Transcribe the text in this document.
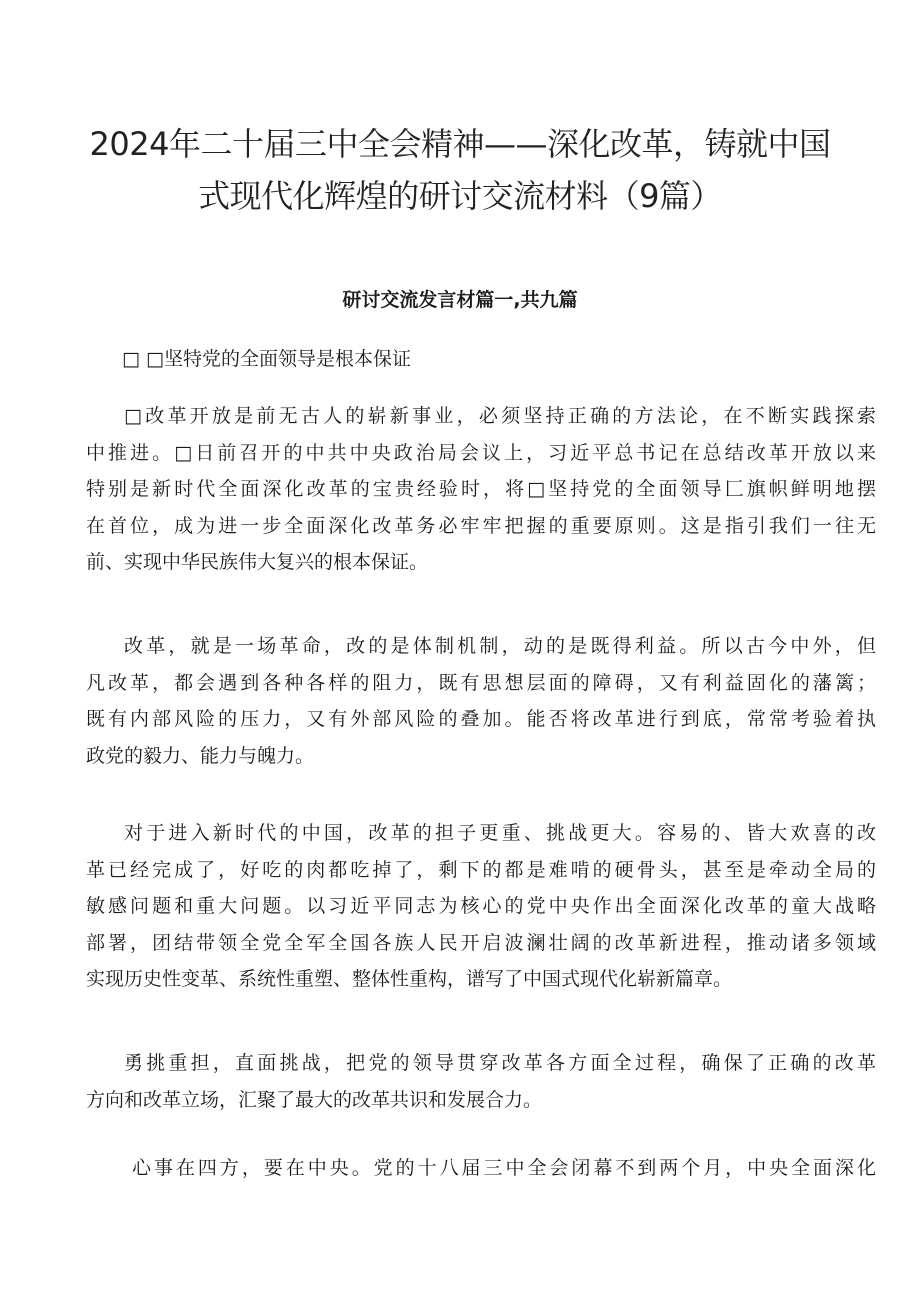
2024年二十届三中全会精神——深化改革，铸就中国
式现代化辉煌的研讨交流材料（9篇）
研讨交流发言材篇一,共九篇

□ □坚特党的全面领导是根本保证

□改革开放是前无古人的崭新事业，必须坚持正确的方法论，在不断实践探索
中推进。□日前召开的中共中央政治局会议上，习近平总书记在总结改革开放以来
特别是新时代全面深化改革的宝贵经验时，将□坚持党的全面领导匚旗帜鲜明地摆
在首位，成为进一步全面深化改革务必牢牢把握的重要原则。这是指引我们一往无
前、实现中华民族伟大复兴的根本保证。

改革，就是一场革命，改的是体制机制，动的是既得利益。所以古今中外，但
凡改革，都会遇到各种各样的阻力，既有思想层面的障碍，又有利益固化的藩篱；
既有内部风险的压力，又有外部风险的叠加。能否将改革进行到底，常常考验着执
政党的毅力、能力与魄力。

对于进入新时代的中国，改革的担子更重、挑战更大。容易的、皆大欢喜的改
革已经完成了，好吃的肉都吃掉了，剩下的都是难啃的硬骨头，甚至是牵动全局的
敏感问题和重大问题。以习近平同志为核心的党中央作出全面深化改革的童大战略
部署，团结带领全党全军全国各族人民开启波澜壮阔的改革新进程，推动诸多领域
实现历史性变革、系统性重塑、整体性重构，谱写了中国式现代化崭新篇章。

勇挑重担，直面挑战，把党的领导贯穿改革各方面全过程，确保了正确的改革
方向和改革立场，汇聚了最大的改革共识和发展合力。

心事在四方，要在中央。党的十八届三中全会闭幕不到两个月，中央全面深化
